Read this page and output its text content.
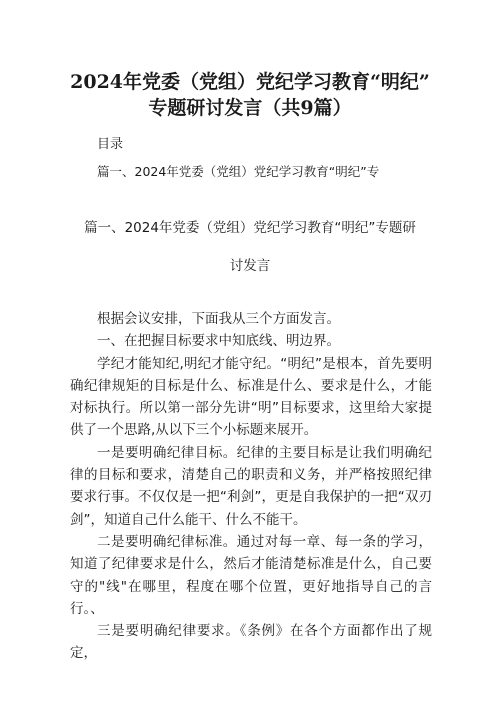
2024年党委（党组）党纪学习教育“明纪”
专题研讨发言（共9篇）
目录
篇一、2024年党委（党组）党纪学习教育“明纪”专
篇一、2024年党委（党组）党纪学习教育“明纪”专题研
讨发言

根据会议安排，下面我从三个方面发言。

一、在把握目标要求中知底线、明边界。

学纪才能知纪,明纪才能守纪。“明纪”是根本，首先要明确纪律规矩的目标是什么、标准是什么、要求是什么，才能对标执行。所以第一部分先讲“明”目标要求，这里给大家提供了一个思路,从以下三个小标题来展开。

一是要明确纪律目标。纪律的主要目标是让我们明确纪律的目标和要求，清楚自己的职责和义务，并严格按照纪律要求行事。不仅仅是一把“利剑”，更是自我保护的一把“双刃剑”，知道自己什么能干、什么不能干。

二是要明确纪律标准。通过对每一章、每一条的学习，知道了纪律要求是什么，然后才能清楚标准是什么，自己要守的"线"在哪里，程度在哪个位置，更好地指导自己的言行。、

三是要明确纪律要求。《条例》在各个方面都作出了规定，
